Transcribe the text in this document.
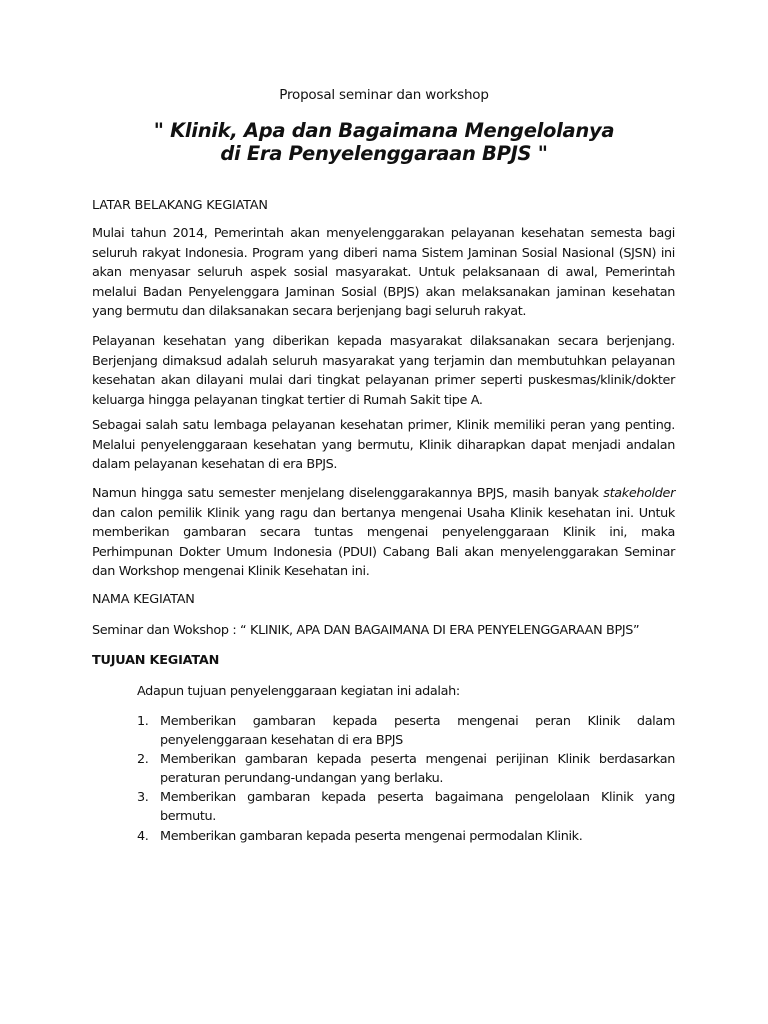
Proposal seminar dan workshop
" Klinik, Apa dan Bagaimana Mengelolanya
di Era Penyelenggaraan BPJS "
LATAR BELAKANG KEGIATAN
Mulai tahun 2014, Pemerintah akan menyelenggarakan pelayanan kesehatan semesta bagi seluruh rakyat Indonesia. Program yang diberi nama Sistem Jaminan Sosial Nasional (SJSN) ini akan menyasar seluruh aspek sosial masyarakat. Untuk pelaksanaan di awal, Pemerintah melalui Badan Penyelenggara Jaminan Sosial (BPJS) akan melaksanakan jaminan kesehatan yang bermutu dan dilaksanakan secara berjenjang bagi seluruh rakyat.
Pelayanan kesehatan yang diberikan kepada masyarakat dilaksanakan secara berjenjang. Berjenjang dimaksud adalah seluruh masyarakat yang terjamin dan membutuhkan pelayanan kesehatan akan dilayani mulai dari tingkat pelayanan primer seperti puskesmas/klinik/dokter keluarga hingga pelayanan tingkat tertier di Rumah Sakit tipe A.
Sebagai salah satu lembaga pelayanan kesehatan primer, Klinik memiliki peran yang penting. Melalui penyelenggaraan kesehatan yang bermutu, Klinik diharapkan dapat menjadi andalan dalam pelayanan kesehatan di era BPJS.
Namun hingga satu semester menjelang diselenggarakannya BPJS, masih banyak stakeholder dan calon pemilik Klinik yang ragu dan bertanya mengenai Usaha Klinik kesehatan ini. Untuk memberikan gambaran secara tuntas mengenai penyelenggaraan Klinik ini, maka Perhimpunan Dokter Umum Indonesia (PDUI) Cabang Bali akan menyelenggarakan Seminar dan Workshop mengenai Klinik Kesehatan ini.
NAMA KEGIATAN
Seminar dan Wokshop : “ KLINIK, APA DAN BAGAIMANA DI ERA PENYELENGGARAAN BPJS”
TUJUAN KEGIATAN
Adapun tujuan penyelenggaraan kegiatan ini adalah:
1. Memberikan gambaran kepada peserta mengenai peran Klinik dalam penyelenggaraan kesehatan di era BPJS
2. Memberikan gambaran kepada peserta mengenai perijinan Klinik berdasarkan peraturan perundang-undangan yang berlaku.
3. Memberikan gambaran kepada peserta bagaimana pengelolaan Klinik yang bermutu.
4. Memberikan gambaran kepada peserta mengenai permodalan Klinik.
